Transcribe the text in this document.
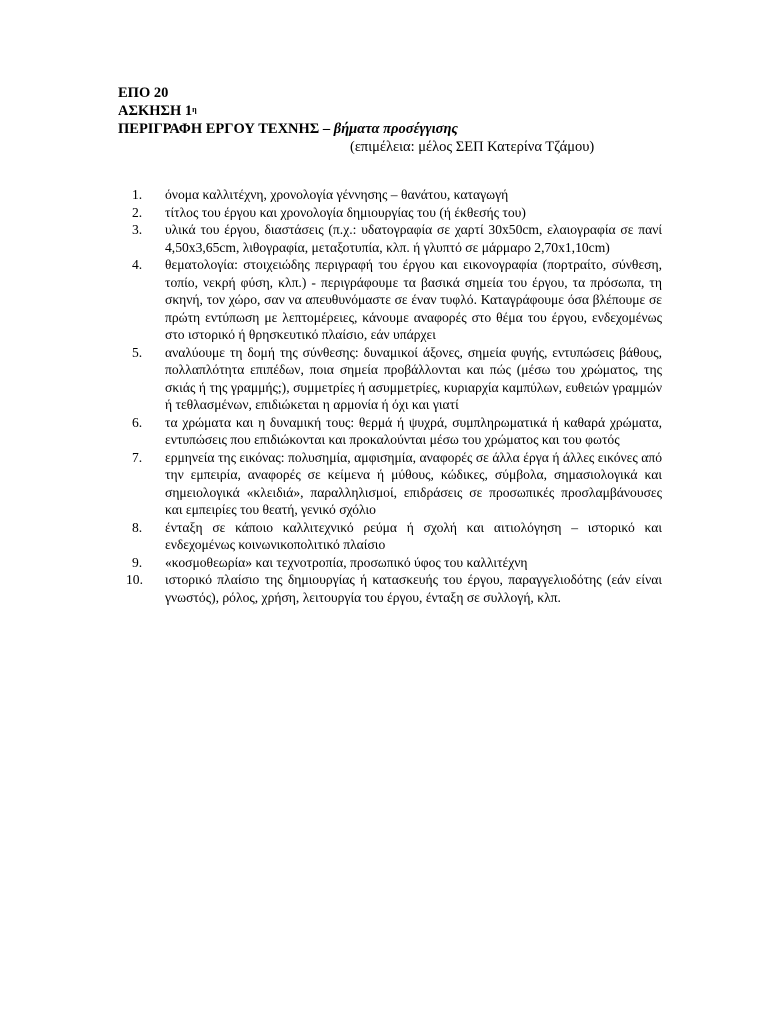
ΕΠΟ 20
ΑΣΚΗΣΗ $1^\eta$
ΠΕΡΙΓΡΑΦΗ ΕΡΓΟΥ ΤΕΧΝΗΣ – βήματα προσέγγισης
(επιμέλεια: μέλος ΣΕΠ Κατερίνα Τζάμου)
1.	όνομα καλλιτέχνη, χρονολογία γέννησης – θανάτου, καταγωγή
2.	τίτλος του έργου και χρονολογία δημιουργίας του (ή έκθεσής του)
3.	υλικά του έργου, διαστάσεις (π.χ.: υδατογραφία σε χαρτί 30x50cm, ελαιογραφία σε πανί 4,50x3,65cm, λιθογραφία, μεταξοτυπία, κλπ. ή γλυπτό σε μάρμαρο 2,70x1,10cm)
4.	θεματολογία: στοιχειώδης περιγραφή του έργου και εικονογραφία (πορτραίτο, σύνθεση, τοπίο, νεκρή φύση, κλπ.) - περιγράφουμε τα βασικά σημεία του έργου, τα πρόσωπα, τη σκηνή, τον χώρο, σαν να απευθυνόμαστε σε έναν τυφλό. Καταγράφουμε όσα βλέπουμε σε πρώτη εντύπωση με λεπτομέρειες, κάνουμε αναφορές στο θέμα του έργου, ενδεχομένως στο ιστορικό ή θρησκευτικό πλαίσιο, εάν υπάρχει
5.	αναλύουμε τη δομή της σύνθεσης: δυναμικοί άξονες, σημεία φυγής, εντυπώσεις βάθους, πολλαπλότητα επιπέδων, ποια σημεία προβάλλονται και πώς (μέσω του χρώματος, της σκιάς ή της γραμμής;), συμμετρίες ή ασυμμετρίες, κυριαρχία καμπύλων, ευθειών γραμμών ή τεθλασμένων, επιδιώκεται η αρμονία ή όχι και γιατί
6.	τα χρώματα και η δυναμική τους: θερμά ή ψυχρά, συμπληρωματικά ή καθαρά χρώματα, εντυπώσεις που επιδιώκονται και προκαλούνται μέσω του χρώματος και του φωτός
7.	ερμηνεία της εικόνας: πολυσημία, αμφισημία, αναφορές σε άλλα έργα ή άλλες εικόνες από την εμπειρία, αναφορές σε κείμενα ή μύθους, κώδικες, σύμβολα, σημασιολογικά και σημειολογικά «κλειδιά», παραλληλισμοί, επιδράσεις σε προσωπικές προσλαμβάνουσες και εμπειρίες του θεατή, γενικό σχόλιο
8.	ένταξη σε κάποιο καλλιτεχνικό ρεύμα ή σχολή και αιτιολόγηση – ιστορικό και ενδεχομένως κοινωνικοπολιτικό πλαίσιο
9.	«κοσμοθεωρία» και τεχνοτροπία, προσωπικό ύφος του καλλιτέχνη
10.	ιστορικό πλαίσιο της δημιουργίας ή κατασκευής του έργου, παραγγελιοδότης (εάν είναι γνωστός), ρόλος, χρήση, λειτουργία του έργου, ένταξη σε συλλογή, κλπ.
